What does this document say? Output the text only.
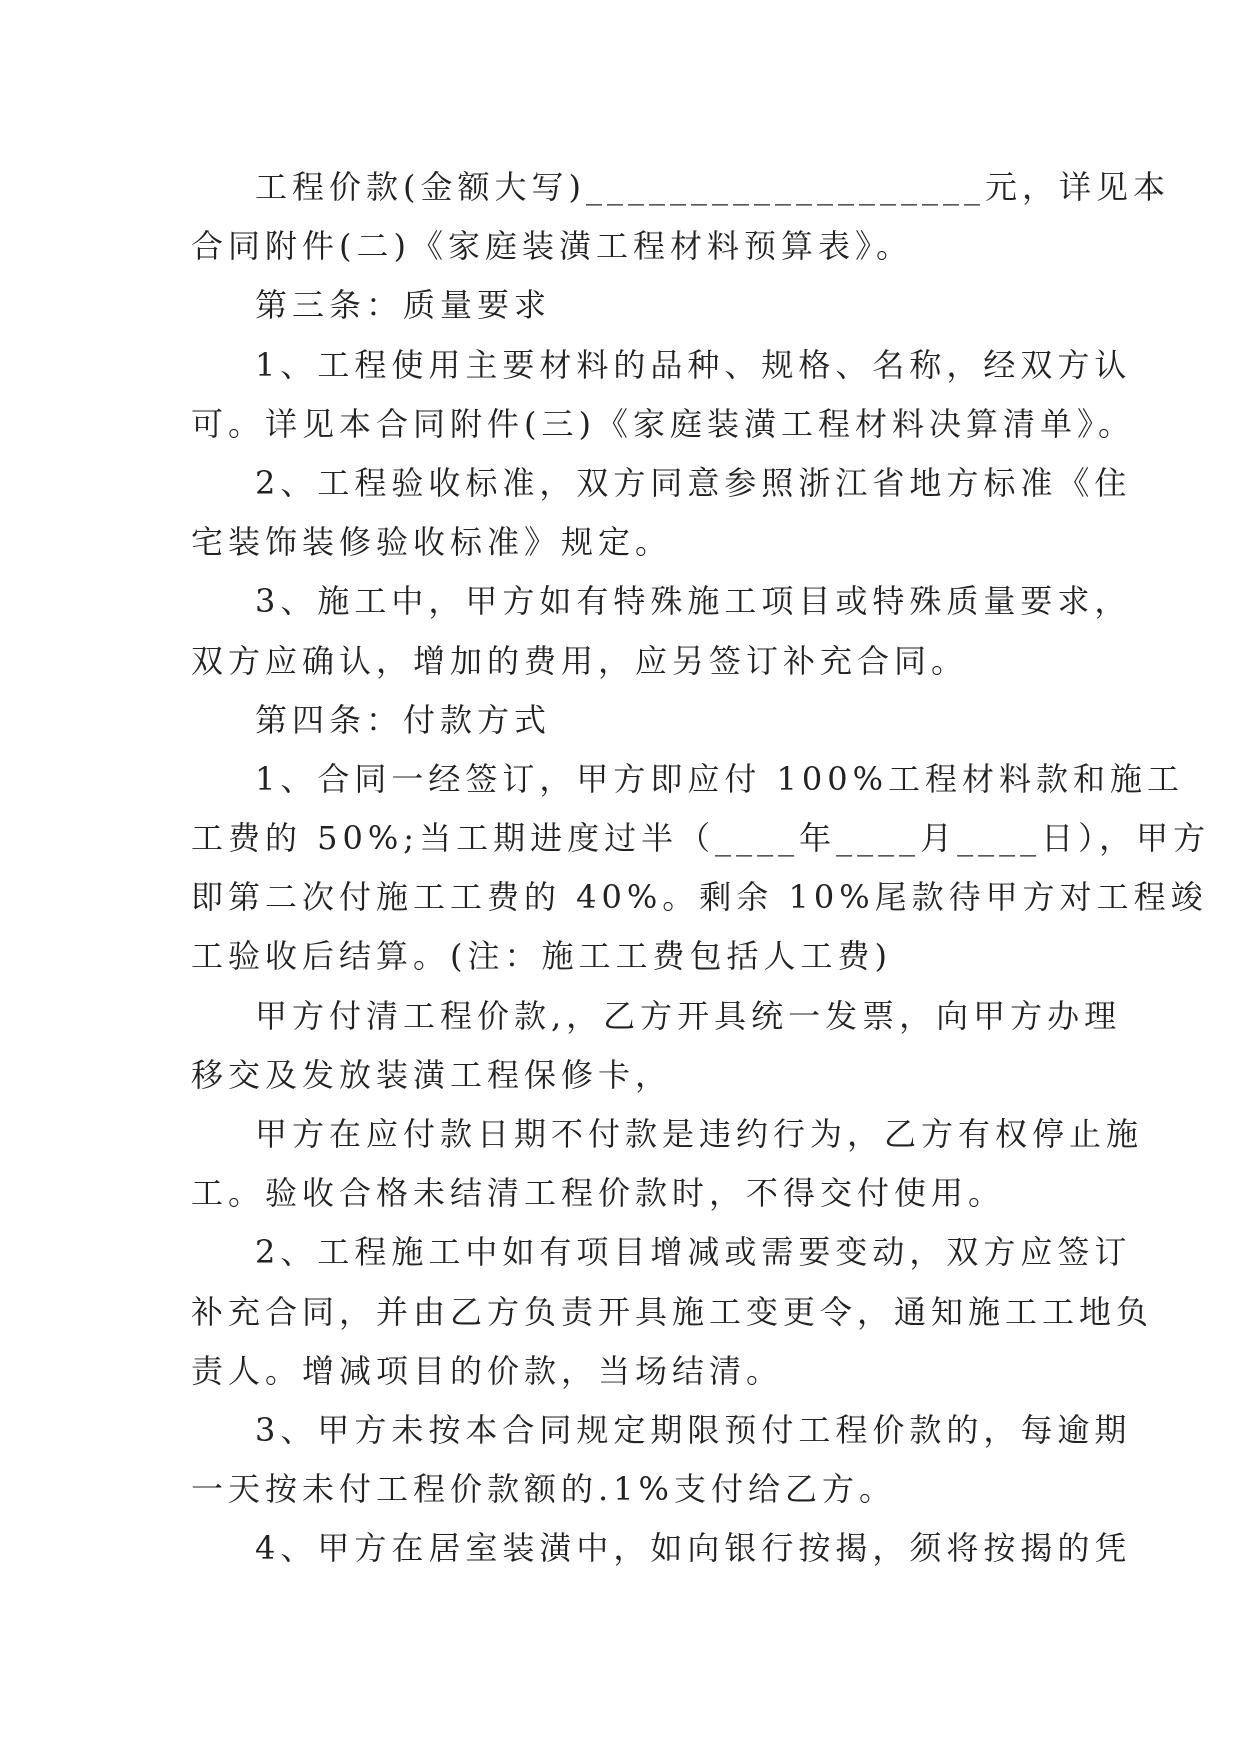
工程价款(金额大写)___________________元，详见本
合同附件(二)《家庭装潢工程材料预算表》。
第三条：质量要求
1、工程使用主要材料的品种、规格、名称，经双方认
可。详见本合同附件(三)《家庭装潢工程材料决算清单》。
2、工程验收标准，双方同意参照浙江省地方标准《住
宅装饰装修验收标准》规定。
3、施工中，甲方如有特殊施工项目或特殊质量要求，
双方应确认，增加的费用，应另签订补充合同。
第四条：付款方式
1、合同一经签订，甲方即应付 100%工程材料款和施工
工费的 50%;当工期进度过半（____年____月____日），甲方
即第二次付施工工费的 40%。剩余 10%尾款待甲方对工程竣
工验收后结算。(注：施工工费包括人工费)
甲方付清工程价款,，乙方开具统一发票，向甲方办理
移交及发放装潢工程保修卡，
甲方在应付款日期不付款是违约行为，乙方有权停止施
工。验收合格未结清工程价款时，不得交付使用。
2、工程施工中如有项目增减或需要变动，双方应签订
补充合同，并由乙方负责开具施工变更令，通知施工工地负
责人。增减项目的价款，当场结清。
3、甲方未按本合同规定期限预付工程价款的，每逾期
一天按未付工程价款额的.1%支付给乙方。
4、甲方在居室装潢中，如向银行按揭，须将按揭的凭
